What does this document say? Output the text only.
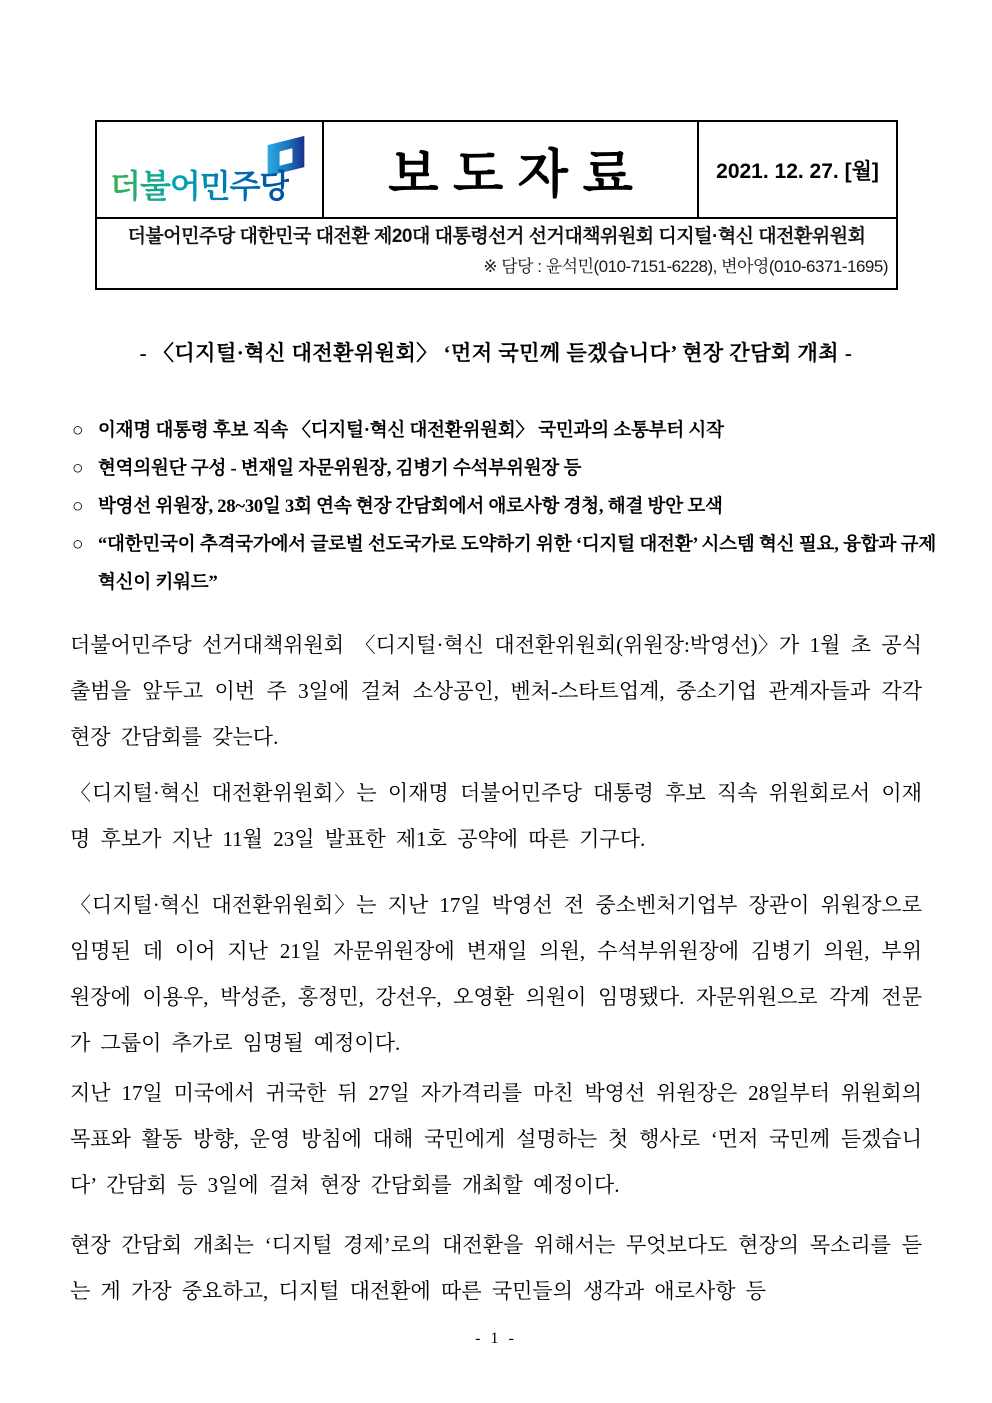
더불어민주당 보도자료	2021. 12. 27. [월]
더불어민주당 대한민국 대전환 제20대 대통령선거 선거대책위원회 디지털·혁신 대전환위원회
※ 담당 : 윤석민(010-7151-6228), 변아영(010-6371-1695)
- 〈디지털·혁신 대전환위원회〉 ‘먼저 국민께 듣겠습니다’ 현장 간담회 개최 -
○ 이재명 대통령 후보 직속 〈디지털·혁신 대전환위원회〉 국민과의 소통부터 시작
○ 현역의원단 구성 - 변재일 자문위원장, 김병기 수석부위원장 등
○ 박영선 위원장, 28~30일 3회 연속 현장 간담회에서 애로사항 경청, 해결 방안 모색
○ “대한민국이 추격국가에서 글로벌 선도국가로 도약하기 위한 ‘디지털 대전환’ 시스템 혁신 필요, 융합과 규제혁신이 키워드”

더불어민주당 선거대책위원회 〈디지털·혁신 대전환위원회(위원장:박영선)〉가 1월 초 공식 출범을 앞두고 이번 주 3일에 걸쳐 소상공인, 벤처-스타트업계, 중소기업 관계자들과 각각 현장 간담회를 갖는다.

〈디지털·혁신 대전환위원회〉는 이재명 더불어민주당 대통령 후보 직속 위원회로서 이재명 후보가 지난 11월 23일 발표한 제1호 공약에 따른 기구다.

〈디지털·혁신 대전환위원회〉는 지난 17일 박영선 전 중소벤처기업부 장관이 위원장으로 임명된 데 이어 지난 21일 자문위원장에 변재일 의원, 수석부위원장에 김병기 의원, 부위원장에 이용우, 박성준, 홍정민, 강선우, 오영환 의원이 임명됐다. 자문위원으로 각계 전문가 그룹이 추가로 임명될 예정이다.

지난 17일 미국에서 귀국한 뒤 27일 자가격리를 마친 박영선 위원장은 28일부터 위원회의 목표와 활동 방향, 운영 방침에 대해 국민에게 설명하는 첫 행사로 ‘먼저 국민께 듣겠습니다’ 간담회 등 3일에 걸쳐 현장 간담회를 개최할 예정이다.

현장 간담회 개최는 ‘디지털 경제’로의 대전환을 위해서는 무엇보다도 현장의 목소리를 듣는 게 가장 중요하고, 디지털 대전환에 따른 국민들의 생각과 애로사항 등

- 1 -
